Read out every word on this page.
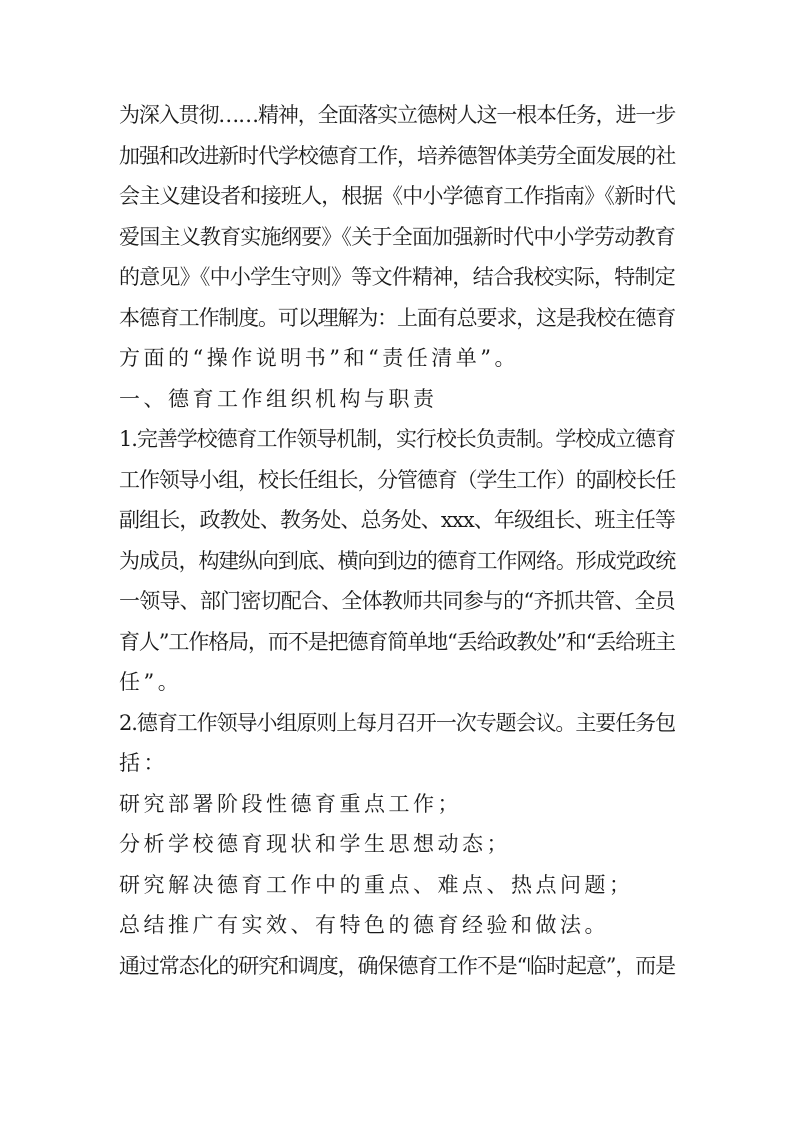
为深入贯彻……精神，全面落实立德树人这一根本任务，进一步
加强和改进新时代学校德育工作，培养德智体美劳全面发展的社
会主义建设者和接班人，根据《中小学德育工作指南》《新时代
爱国主义教育实施纲要》《关于全面加强新时代中小学劳动教育
的意见》《中小学生守则》等文件精神，结合我校实际，特制定
本德育工作制度。可以理解为：上面有总要求，这是我校在德育
方面的“操作说明书”和“责任清单”。
一、德育工作组织机构与职责
1.完善学校德育工作领导机制，实行校长负责制。学校成立德育
工作领导小组，校长任组长，分管德育（学生工作）的副校长任
副组长，政教处、教务处、总务处、xxx、年级组长、班主任等
为成员，构建纵向到底、横向到边的德育工作网络。形成党政统
一领导、部门密切配合、全体教师共同参与的“齐抓共管、全员
育人”工作格局，而不是把德育简单地“丢给政教处”和“丢给班主
任”。
2.德育工作领导小组原则上每月召开一次专题会议。主要任务包
括：
研究部署阶段性德育重点工作；
分析学校德育现状和学生思想动态；
研究解决德育工作中的重点、难点、热点问题；
总结推广有实效、有特色的德育经验和做法。
通过常态化的研究和调度，确保德育工作不是“临时起意”，而是
